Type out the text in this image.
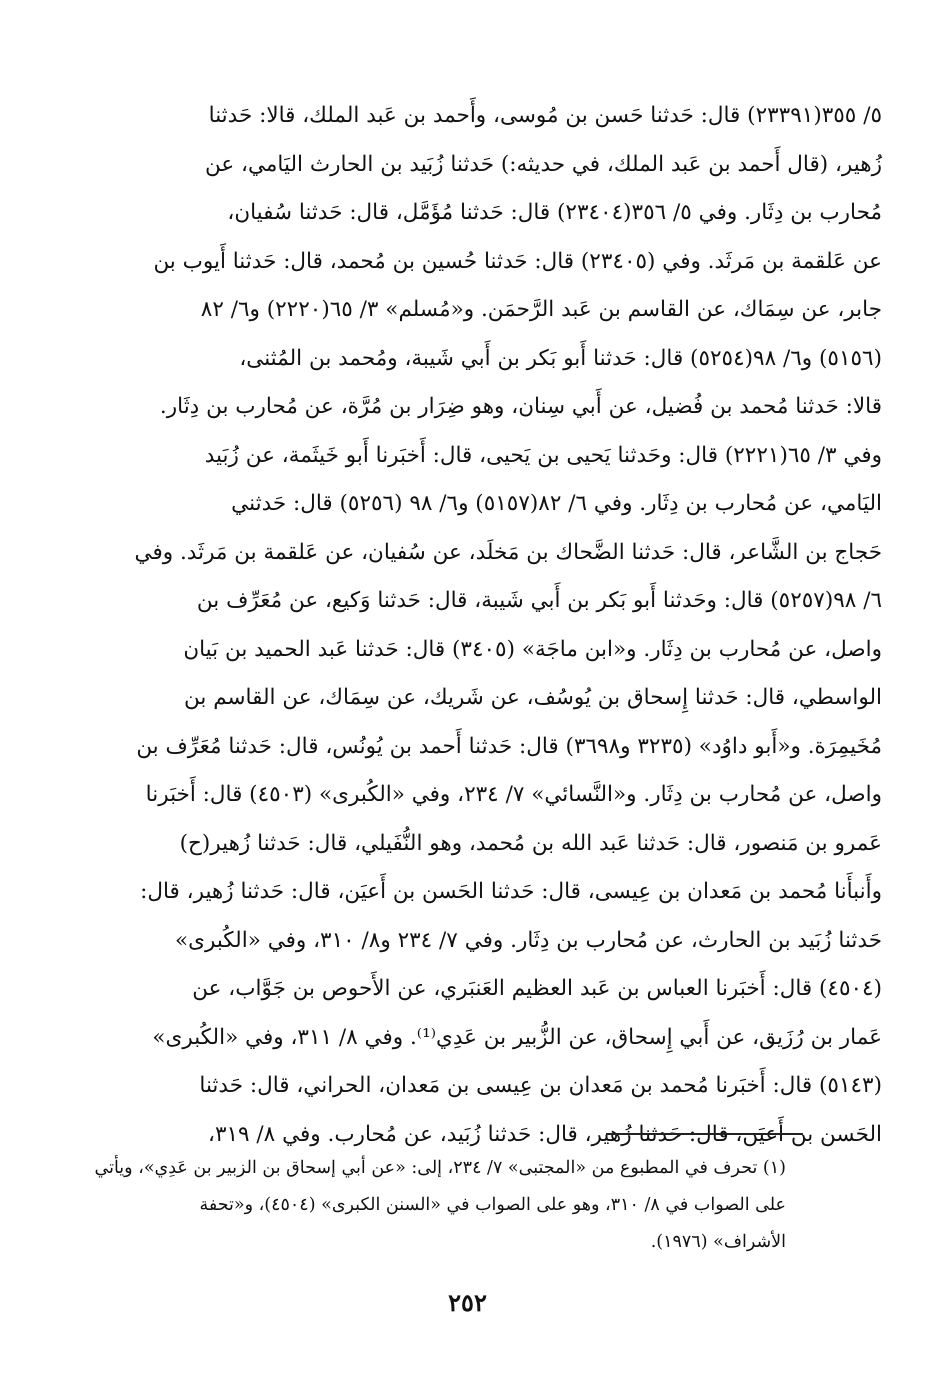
٥/ ٣٥٥(٢٣٣٩١) قال: حَدثنا حَسن بن مُوسى، وأَحمد بن عَبد الملك، قالا: حَدثنا
زُهير، (قال أَحمد بن عَبد الملك، في حديثه:) حَدثنا زُبَيد بن الحارث اليَامي، عن
مُحارب بن دِثَار. وفي ٥/ ٣٥٦(٢٣٤٠٤) قال: حَدثنا مُؤَمَّل، قال: حَدثنا سُفيان،
عن عَلقمة بن مَرثَد. وفي (٢٣٤٠٥) قال: حَدثنا حُسين بن مُحمد، قال: حَدثنا أَيوب بن
جابر، عن سِمَاك، عن القاسم بن عَبد الرَّحمَن. و«مُسلم» ٣/ ٦٥(٢٢٢٠) و٦/ ٨٢
(٥١٥٦) و٦/ ٩٨(٥٢٥٤) قال: حَدثنا أَبو بَكر بن أَبي شَيبة، ومُحمد بن المُثنى،
قالا: حَدثنا مُحمد بن فُضيل، عن أَبي سِنان، وهو ضِرَار بن مُرَّة، عن مُحارب بن دِثَار.
وفي ٣/ ٦٥(٢٢٢١) قال: وحَدثنا يَحيى بن يَحيى، قال: أَخبَرنا أَبو خَيثَمة، عن زُبَيد
اليَامي، عن مُحارب بن دِثَار. وفي ٦/ ٨٢(٥١٥٧) و٦/ ٩٨ (٥٢٥٦) قال: حَدثني
حَجاج بن الشَّاعر، قال: حَدثنا الضَّحاك بن مَخلَد، عن سُفيان، عن عَلقمة بن مَرثَد. وفي
٦/ ٩٨(٥٢٥٧) قال: وحَدثنا أَبو بَكر بن أَبي شَيبة، قال: حَدثنا وَكيع، عن مُعَرِّف بن
واصل، عن مُحارب بن دِثَار. و«ابن ماجَة» (٣٤٠٥) قال: حَدثنا عَبد الحميد بن بَيان
الواسطي، قال: حَدثنا إِسحاق بن يُوسُف، عن شَريك، عن سِمَاك، عن القاسم بن
مُخَيمِرَة. و«أَبو داوُد» (٣٢٣٥ و٣٦٩٨) قال: حَدثنا أَحمد بن يُونُس، قال: حَدثنا مُعَرِّف بن
واصل، عن مُحارب بن دِثَار. و«النَّسائي» ٧/ ٢٣٤، وفي «الكُبرى» (٤٥٠٣) قال: أَخبَرنا
عَمرو بن مَنصور، قال: حَدثنا عَبد الله بن مُحمد، وهو النُّفَيلي، قال: حَدثنا زُهير(ح)
وأَنبأَنا مُحمد بن مَعدان بن عِيسى، قال: حَدثنا الحَسن بن أَعيَن، قال: حَدثنا زُهير، قال:
حَدثنا زُبَيد بن الحارث، عن مُحارب بن دِثَار. وفي ٧/ ٢٣٤ و٨/ ٣١٠، وفي «الكُبرى»
(٤٥٠٤) قال: أَخبَرنا العباس بن عَبد العظيم العَنبَري، عن الأَحوص بن جَوَّاب، عن
عَمار بن رُزَيق، عن أَبي إِسحاق، عن الزُّبير بن عَدِي⁽¹⁾. وفي ٨/ ٣١١، وفي «الكُبرى»
(٥١٤٣) قال: أَخبَرنا مُحمد بن مَعدان بن عِيسى بن مَعدان، الحراني، قال: حَدثنا
الحَسن بن أَعيَن، قال: حَدثنا زُهير، قال: حَدثنا زُبَيد، عن مُحارب. وفي ٨/ ٣١٩،
(١) تحرف في المطبوع من «المجتبى» ٧/ ٢٣٤، إلى: «عن أبي إسحاق بن الزبير بن عَدِي»، ويأتي
على الصواب في ٨/ ٣١٠، وهو على الصواب في «السنن الكبرى» (٤٥٠٤)، و«تحفة
الأشراف» (١٩٧٦).
٢٥٢
